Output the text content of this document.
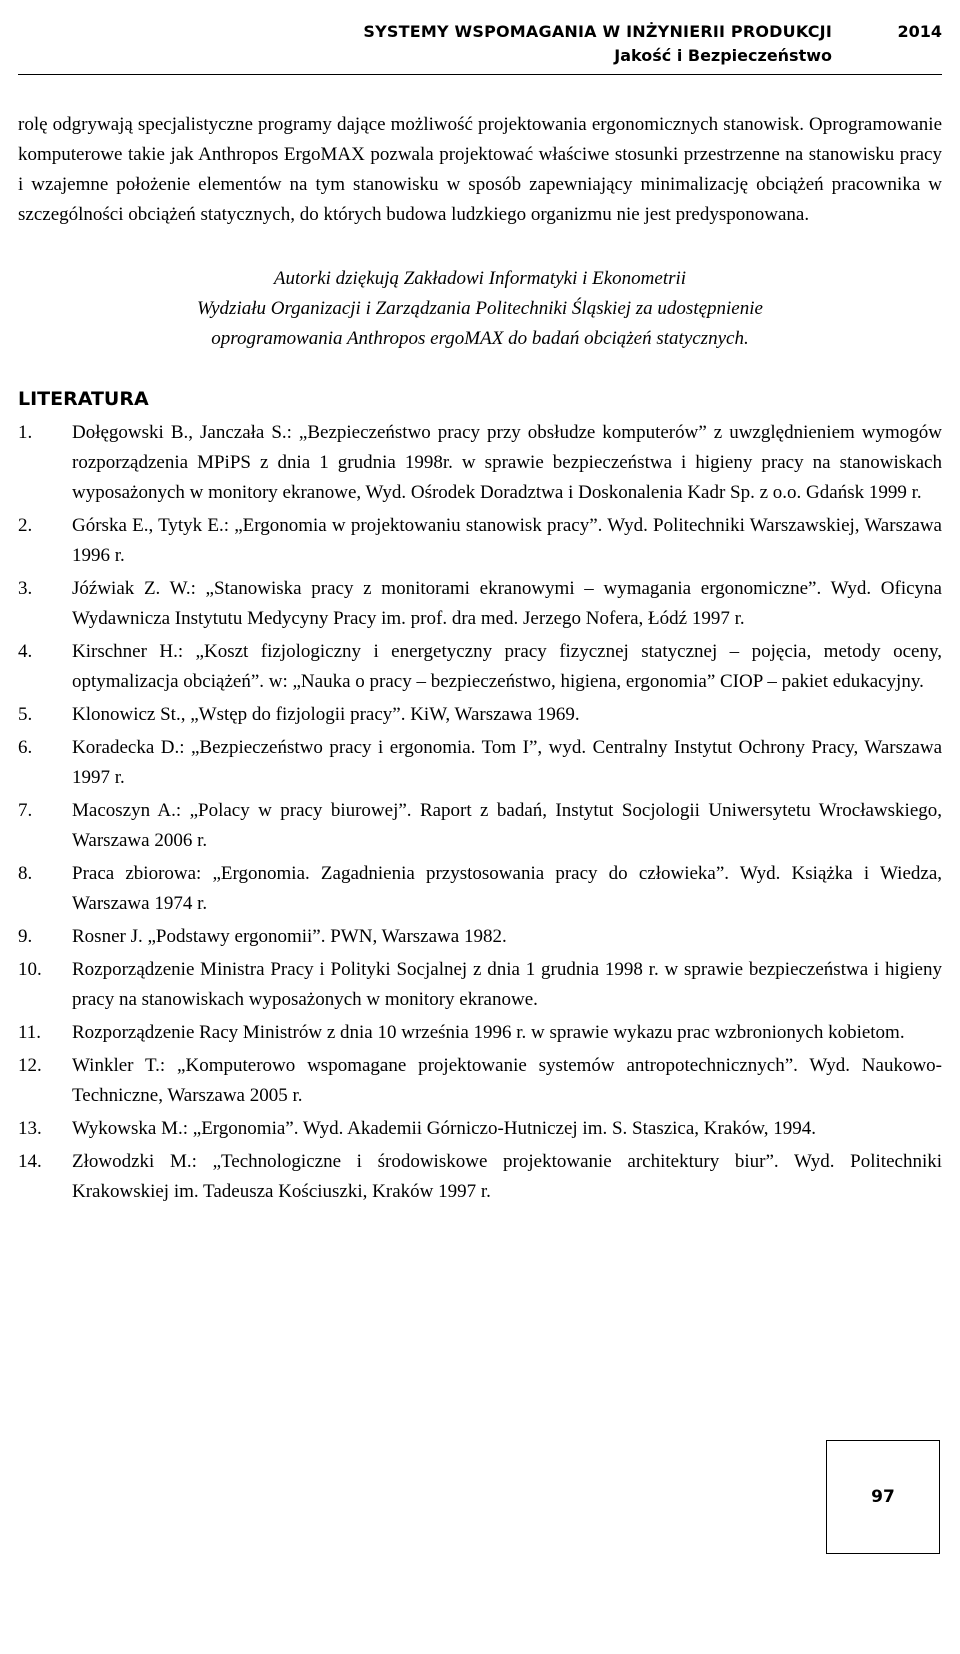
SYSTEMY WSPOMAGANIA W INŻYNIERII PRODUKCJI
Jakość i Bezpieczeństwo
2014

rolę odgrywają specjalistyczne programy dające możliwość projektowania ergonomicznych stanowisk. Oprogramowanie komputerowe takie jak Anthropos ErgoMAX pozwala projektować właściwe stosunki przestrzenne na stanowisku pracy i wzajemne położenie elementów na tym stanowisku w sposób zapewniający minimalizację obciążeń pracownika w szczególności obciążeń statycznych, do których budowa ludzkiego organizmu nie jest predysponowana.

Autorki dziękują Zakładowi Informatyki i Ekonometrii
Wydziału Organizacji i Zarządzania Politechniki Śląskiej za udostępnienie
oprogramowania Anthropos ergoMAX do badań obciążeń statycznych.

LITERATURA
1.	Dołęgowski B., Janczała S.: „Bezpieczeństwo pracy przy obsłudze komputerów” z uwzględnieniem wymogów rozporządzenia MPiPS z dnia 1 grudnia 1998r. w sprawie bezpieczeństwa i higieny pracy na stanowiskach wyposażonych w monitory ekranowe, Wyd. Ośrodek Doradztwa i Doskonalenia Kadr Sp. z o.o. Gdańsk 1999 r.
2.	Górska E., Tytyk E.: „Ergonomia w projektowaniu stanowisk pracy”. Wyd. Politechniki Warszawskiej, Warszawa 1996 r.
3.	Jóźwiak Z. W.: „Stanowiska pracy z monitorami ekranowymi – wymagania ergonomiczne”. Wyd. Oficyna Wydawnicza Instytutu Medycyny Pracy im. prof. dra med. Jerzego Nofera, Łódź 1997 r.
4.	Kirschner H.: „Koszt fizjologiczny i energetyczny pracy fizycznej statycznej – pojęcia, metody oceny, optymalizacja obciążeń”. w: „Nauka o pracy – bezpieczeństwo, higiena, ergonomia” CIOP – pakiet edukacyjny.
5.	Klonowicz St., „Wstęp do fizjologii pracy”. KiW, Warszawa 1969.
6.	Koradecka D.: „Bezpieczeństwo pracy i ergonomia. Tom I”, wyd. Centralny Instytut Ochrony Pracy, Warszawa 1997 r.
7.	Macoszyn A.: „Polacy w pracy biurowej”. Raport z badań, Instytut Socjologii Uniwersytetu Wrocławskiego, Warszawa 2006 r.
8.	Praca zbiorowa: „Ergonomia. Zagadnienia przystosowania pracy do człowieka”. Wyd. Książka i Wiedza, Warszawa 1974 r.
9.	Rosner J. „Podstawy ergonomii”. PWN, Warszawa 1982.
10.	Rozporządzenie Ministra Pracy i Polityki Socjalnej z dnia 1 grudnia 1998 r. w sprawie bezpieczeństwa i higieny pracy na stanowiskach wyposażonych w monitory ekranowe.
11.	Rozporządzenie Racy Ministrów z dnia 10 września 1996 r. w sprawie wykazu prac wzbronionych kobietom.
12.	Winkler T.: „Komputerowo wspomagane projektowanie systemów antropotechnicznych”. Wyd. Naukowo-Techniczne, Warszawa 2005 r.
13.	Wykowska M.: „Ergonomia”. Wyd. Akademii Górniczo-Hutniczej im. S. Staszica, Kraków, 1994.
14.	Złowodzki M.: „Technologiczne i środowiskowe projektowanie architektury biur”. Wyd. Politechniki Krakowskiej im. Tadeusza Kościuszki, Kraków 1997 r.
97
